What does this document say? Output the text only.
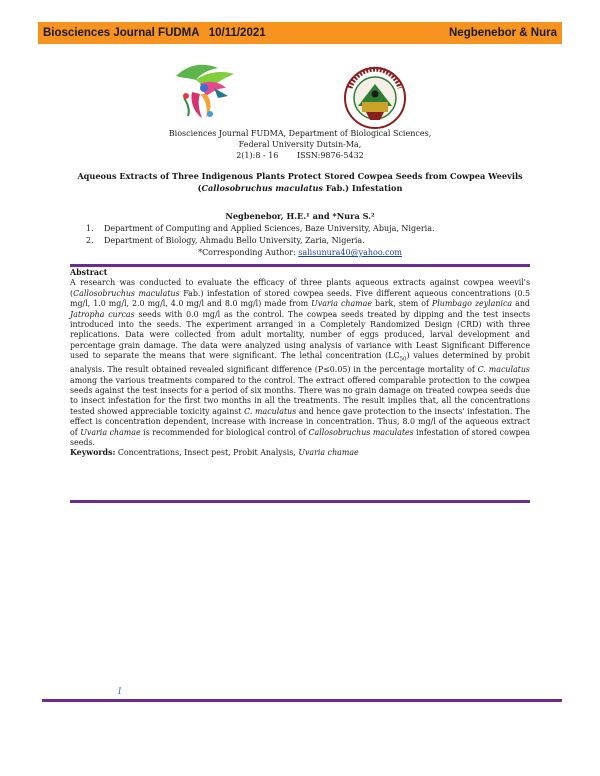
Biosciences Journal FUDMA   10/11/2021	Negbenebor & Nura
Biosciences Journal FUDMA, Department of Biological Sciences,
Federal University Dutsin-Ma,
2(1):8 - 16 ISSN:9876-5432
Aqueous Extracts of Three Indigenous Plants Protect Stored Cowpea Seeds from Cowpea Weevils
(Callosobruchus maculatus Fab.) Infestation
Negbenebor, H.E.¹ and *Nura S.²
1. Department of Computing and Applied Sciences, Baze University, Abuja, Nigeria.
2. Department of Biology, Ahmadu Bello University, Zaria, Nigeria.
*Corresponding Author: salisunura40@yahoo.com
Abstract
A research was conducted to evaluate the efficacy of three plants aqueous extracts against cowpea weevil's (Callosobruchus maculatus Fab.) infestation of stored cowpea seeds. Five different aqueous concentrations (0.5 mg/l, 1.0 mg/l, 2.0 mg/l, 4.0 mg/l and 8.0 mg/l) made from Uvaria chamae bark, stem of Plumbago zeylanica and Jatropha curcas seeds with 0.0 mg/l as the control. The cowpea seeds treated by dipping and the test insects introduced into the seeds. The experiment arranged in a Completely Randomized Design (CRD) with three replications. Data were collected from adult mortality, number of eggs produced, larval development and percentage grain damage. The data were analyzed using analysis of variance with Least Significant Difference used to separate the means that were significant. The lethal concentration $(LC_{50})$ values determined by probit analysis. The result obtained revealed significant difference (P≤0.05) in the percentage mortality of C. maculatus among the various treatments compared to the control. The extract offered comparable protection to the cowpea seeds against the test insects for a period of six months. There was no grain damage on treated cowpea seeds due to insect infestation for the first two months in all the treatments. The result implies that, all the concentrations tested showed appreciable toxicity against C. maculatus and hence gave protection to the insects' infestation. The effect is concentration dependent, increase with increase in concentration. Thus, 8.0 mg/l of the aqueous extract of Uvaria chamae is recommended for biological control of Callosobruchus maculates infestation of stored cowpea seeds.
Keywords: Concentrations, Insect pest, Probit Analysis, Uvaria chamae
1
